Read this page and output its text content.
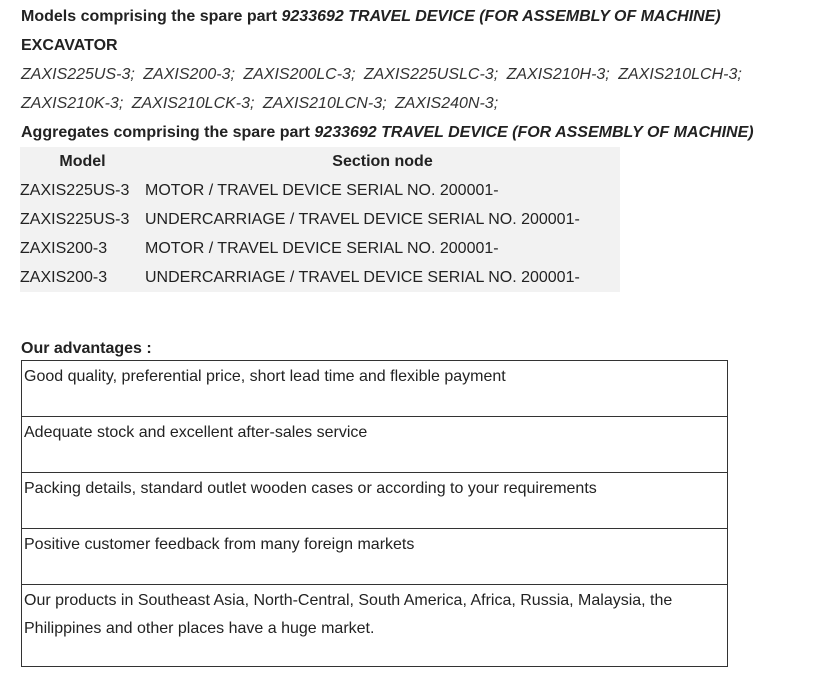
Models comprising the spare part 9233692 TRAVEL DEVICE (FOR ASSEMBLY OF MACHINE)
EXCAVATOR
ZAXIS225US-3; ZAXIS200-3; ZAXIS200LC-3; ZAXIS225USLC-3; ZAXIS210H-3; ZAXIS210LCH-3;
ZAXIS210K-3; ZAXIS210LCK-3; ZAXIS210LCN-3; ZAXIS240N-3;
Aggregates comprising the spare part 9233692 TRAVEL DEVICE (FOR ASSEMBLY OF MACHINE)
Model	Section node
ZAXIS225US-3	MOTOR / TRAVEL DEVICE SERIAL NO. 200001-
ZAXIS225US-3	UNDERCARRIAGE / TRAVEL DEVICE SERIAL NO. 200001-
ZAXIS200-3	MOTOR / TRAVEL DEVICE SERIAL NO. 200001-
ZAXIS200-3	UNDERCARRIAGE / TRAVEL DEVICE SERIAL NO. 200001-
Our advantages :
Good quality, preferential price, short lead time and flexible payment
Adequate stock and excellent after-sales service
Packing details, standard outlet wooden cases or according to your requirements
Positive customer feedback from many foreign markets
Our products in Southeast Asia, North-Central, South America, Africa, Russia, Malaysia, the Philippines and other places have a huge market.
